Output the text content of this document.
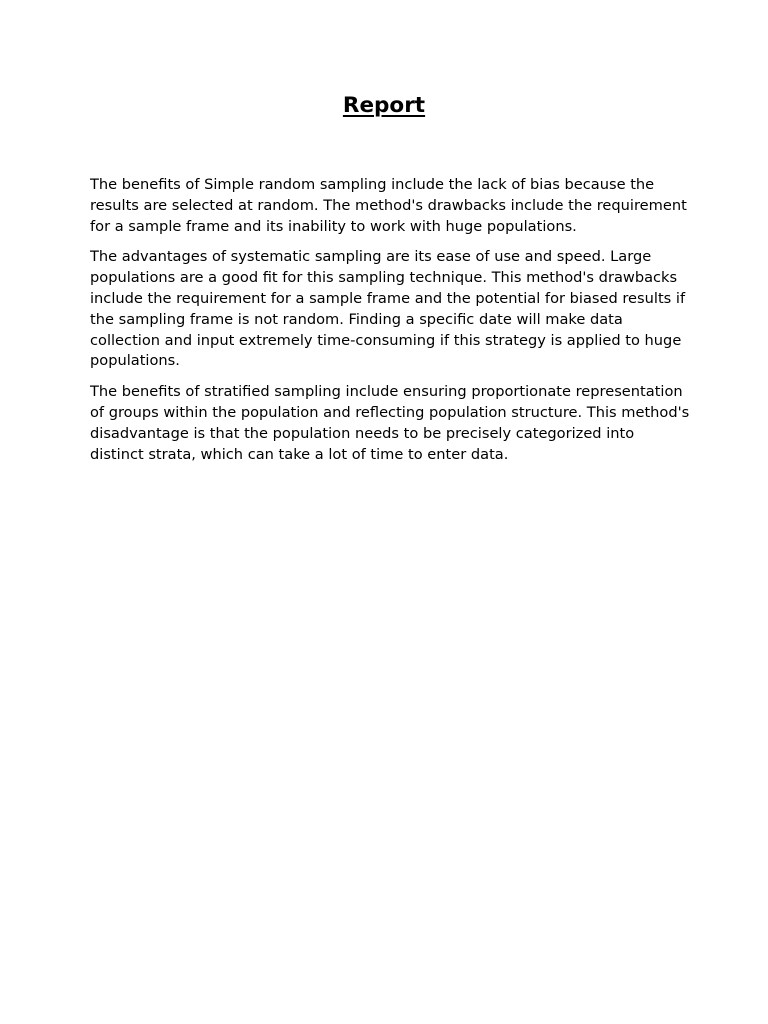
Report

The benefits of Simple random sampling include the lack of bias because the results are selected at random. The method's drawbacks include the requirement for a sample frame and its inability to work with huge populations.

The advantages of systematic sampling are its ease of use and speed. Large populations are a good fit for this sampling technique. This method's drawbacks include the requirement for a sample frame and the potential for biased results if the sampling frame is not random. Finding a specific date will make data collection and input extremely time-consuming if this strategy is applied to huge populations.

The benefits of stratified sampling include ensuring proportionate representation of groups within the population and reflecting population structure. This method's disadvantage is that the population needs to be precisely categorized into distinct strata, which can take a lot of time to enter data.
